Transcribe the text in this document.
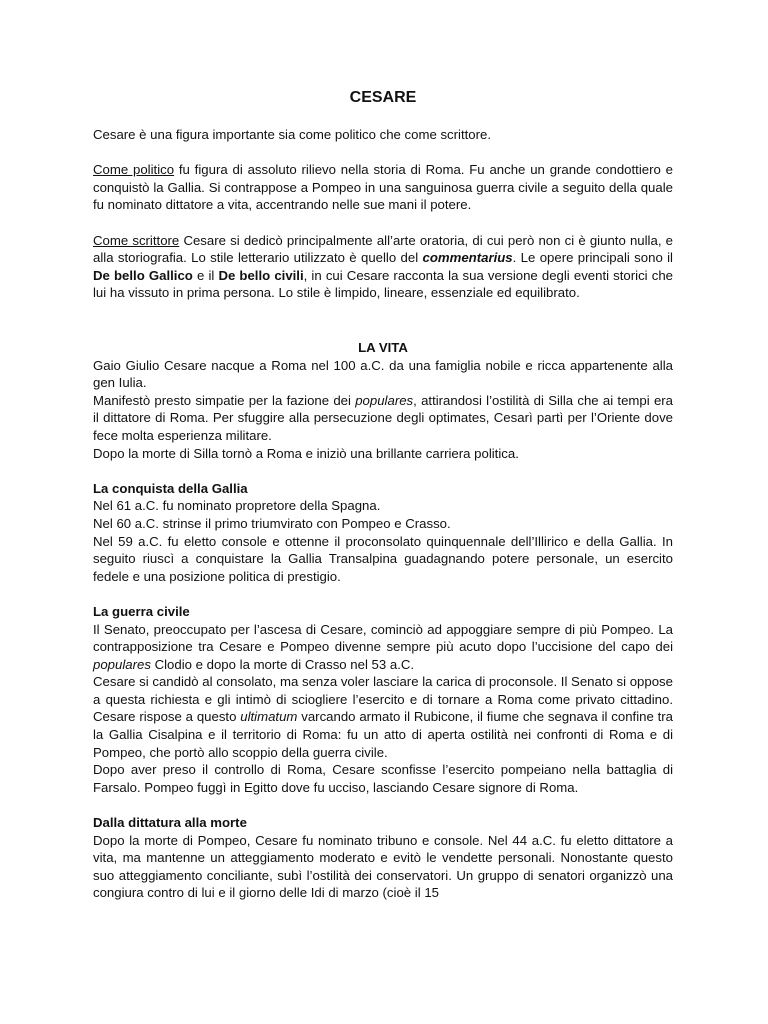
CESARE

Cesare è una figura importante sia come politico che come scrittore.

Come politico fu figura di assoluto rilievo nella storia di Roma. Fu anche un grande condottiero e conquistò la Gallia. Si contrappose a Pompeo in una sanguinosa guerra civile a seguito della quale fu nominato dittatore a vita, accentrando nelle sue mani il potere.

Come scrittore Cesare si dedicò principalmente all’arte oratoria, di cui però non ci è giunto nulla, e alla storiografia. Lo stile letterario utilizzato è quello del commentarius. Le opere principali sono il De bello Gallico e il De bello civili, in cui Cesare racconta la sua versione degli eventi storici che lui ha vissuto in prima persona. Lo stile è limpido, lineare, essenziale ed equilibrato.

LA VITA

Gaio Giulio Cesare nacque a Roma nel 100 a.C. da una famiglia nobile e ricca appartenente alla gen Iulia.

Manifestò presto simpatie per la fazione dei populares, attirandosi l’ostilità di Silla che ai tempi era il dittatore di Roma. Per sfuggire alla persecuzione degli optimates, Cesarì partì per l’Oriente dove fece molta esperienza militare.

Dopo la morte di Silla tornò a Roma e iniziò una brillante carriera politica.

La conquista della Gallia

Nel 61 a.C. fu nominato propretore della Spagna.

Nel 60 a.C. strinse il primo triumvirato con Pompeo e Crasso.

Nel 59 a.C. fu eletto console e ottenne il proconsolato quinquennale dell’Illirico e della Gallia. In seguito riuscì a conquistare la Gallia Transalpina guadagnando potere personale, un esercito fedele e una posizione politica di prestigio.

La guerra civile

Il Senato, preoccupato per l’ascesa di Cesare, cominciò ad appoggiare sempre di più Pompeo. La contrapposizione tra Cesare e Pompeo divenne sempre più acuto dopo l’uccisione del capo dei populares Clodio e dopo la morte di Crasso nel 53 a.C.

Cesare si candidò al consolato, ma senza voler lasciare la carica di proconsole. Il Senato si oppose a questa richiesta e gli intimò di sciogliere l’esercito e di tornare a Roma come privato cittadino. Cesare rispose a questo ultimatum varcando armato il Rubicone, il fiume che segnava il confine tra la Gallia Cisalpina e il territorio di Roma: fu un atto di aperta ostilità nei confronti di Roma e di Pompeo, che portò allo scoppio della guerra civile.

Dopo aver preso il controllo di Roma, Cesare sconfisse l’esercito pompeiano nella battaglia di Farsalo. Pompeo fuggì in Egitto dove fu ucciso, lasciando Cesare signore di Roma.

Dalla dittatura alla morte

Dopo la morte di Pompeo, Cesare fu nominato tribuno e console. Nel 44 a.C. fu eletto dittatore a vita, ma mantenne un atteggiamento moderato e evitò le vendette personali. Nonostante questo suo atteggiamento conciliante, subì l’ostilità dei conservatori. Un gruppo di senatori organizzò una congiura contro di lui e il giorno delle Idi di marzo (cioè il 15
